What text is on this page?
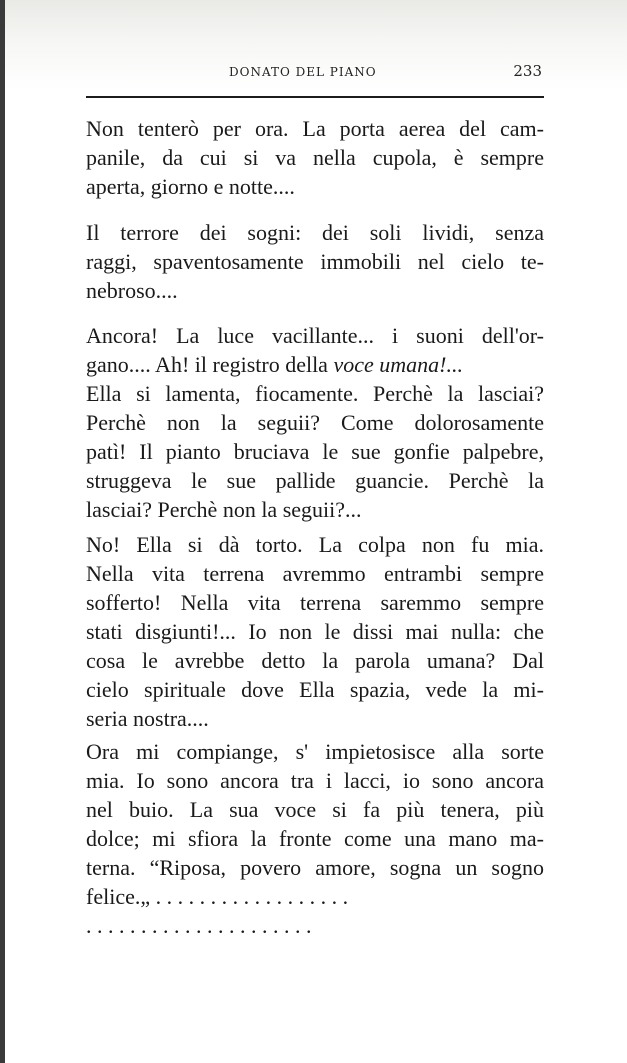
DONATO DEL PIANO	233
Non tenterò per ora. La porta aerea del cam-
panile, da cui si va nella cupola, è sempre
aperta, giorno e notte....
Il terrore dei sogni: dei soli lividi, senza
raggi, spaventosamente immobili nel cielo te-
nebroso....
Ancora! La luce vacillante... i suoni dell'or-
gano.... Ah! il registro della voce umana!...
Ella si lamenta, fiocamente. Perchè la lasciai?
Perchè non la seguii? Come dolorosamente
patì! Il pianto bruciava le sue gonfie palpebre,
struggeva le sue pallide guancie. Perchè la
lasciai? Perchè non la seguii?...
No! Ella si dà torto. La colpa non fu mia.
Nella vita terrena avremmo entrambi sempre
sofferto! Nella vita terrena saremmo sempre
stati disgiunti!... Io non le dissi mai nulla: che
cosa le avrebbe detto la parola umana? Dal
cielo spirituale dove Ella spazia, vede la mi-
seria nostra....
Ora mi compiange, s' impietosisce alla sorte
mia. Io sono ancora tra i lacci, io sono ancora
nel buio. La sua voce si fa più tenera, più
dolce; mi sfiora la fronte come una mano ma-
terna. “Riposa, povero amore, sogna un sogno
felice.„ . . . . . . . . . . . . . . . . . .
. . . . . . . . . . . . . . . . . . . . .
